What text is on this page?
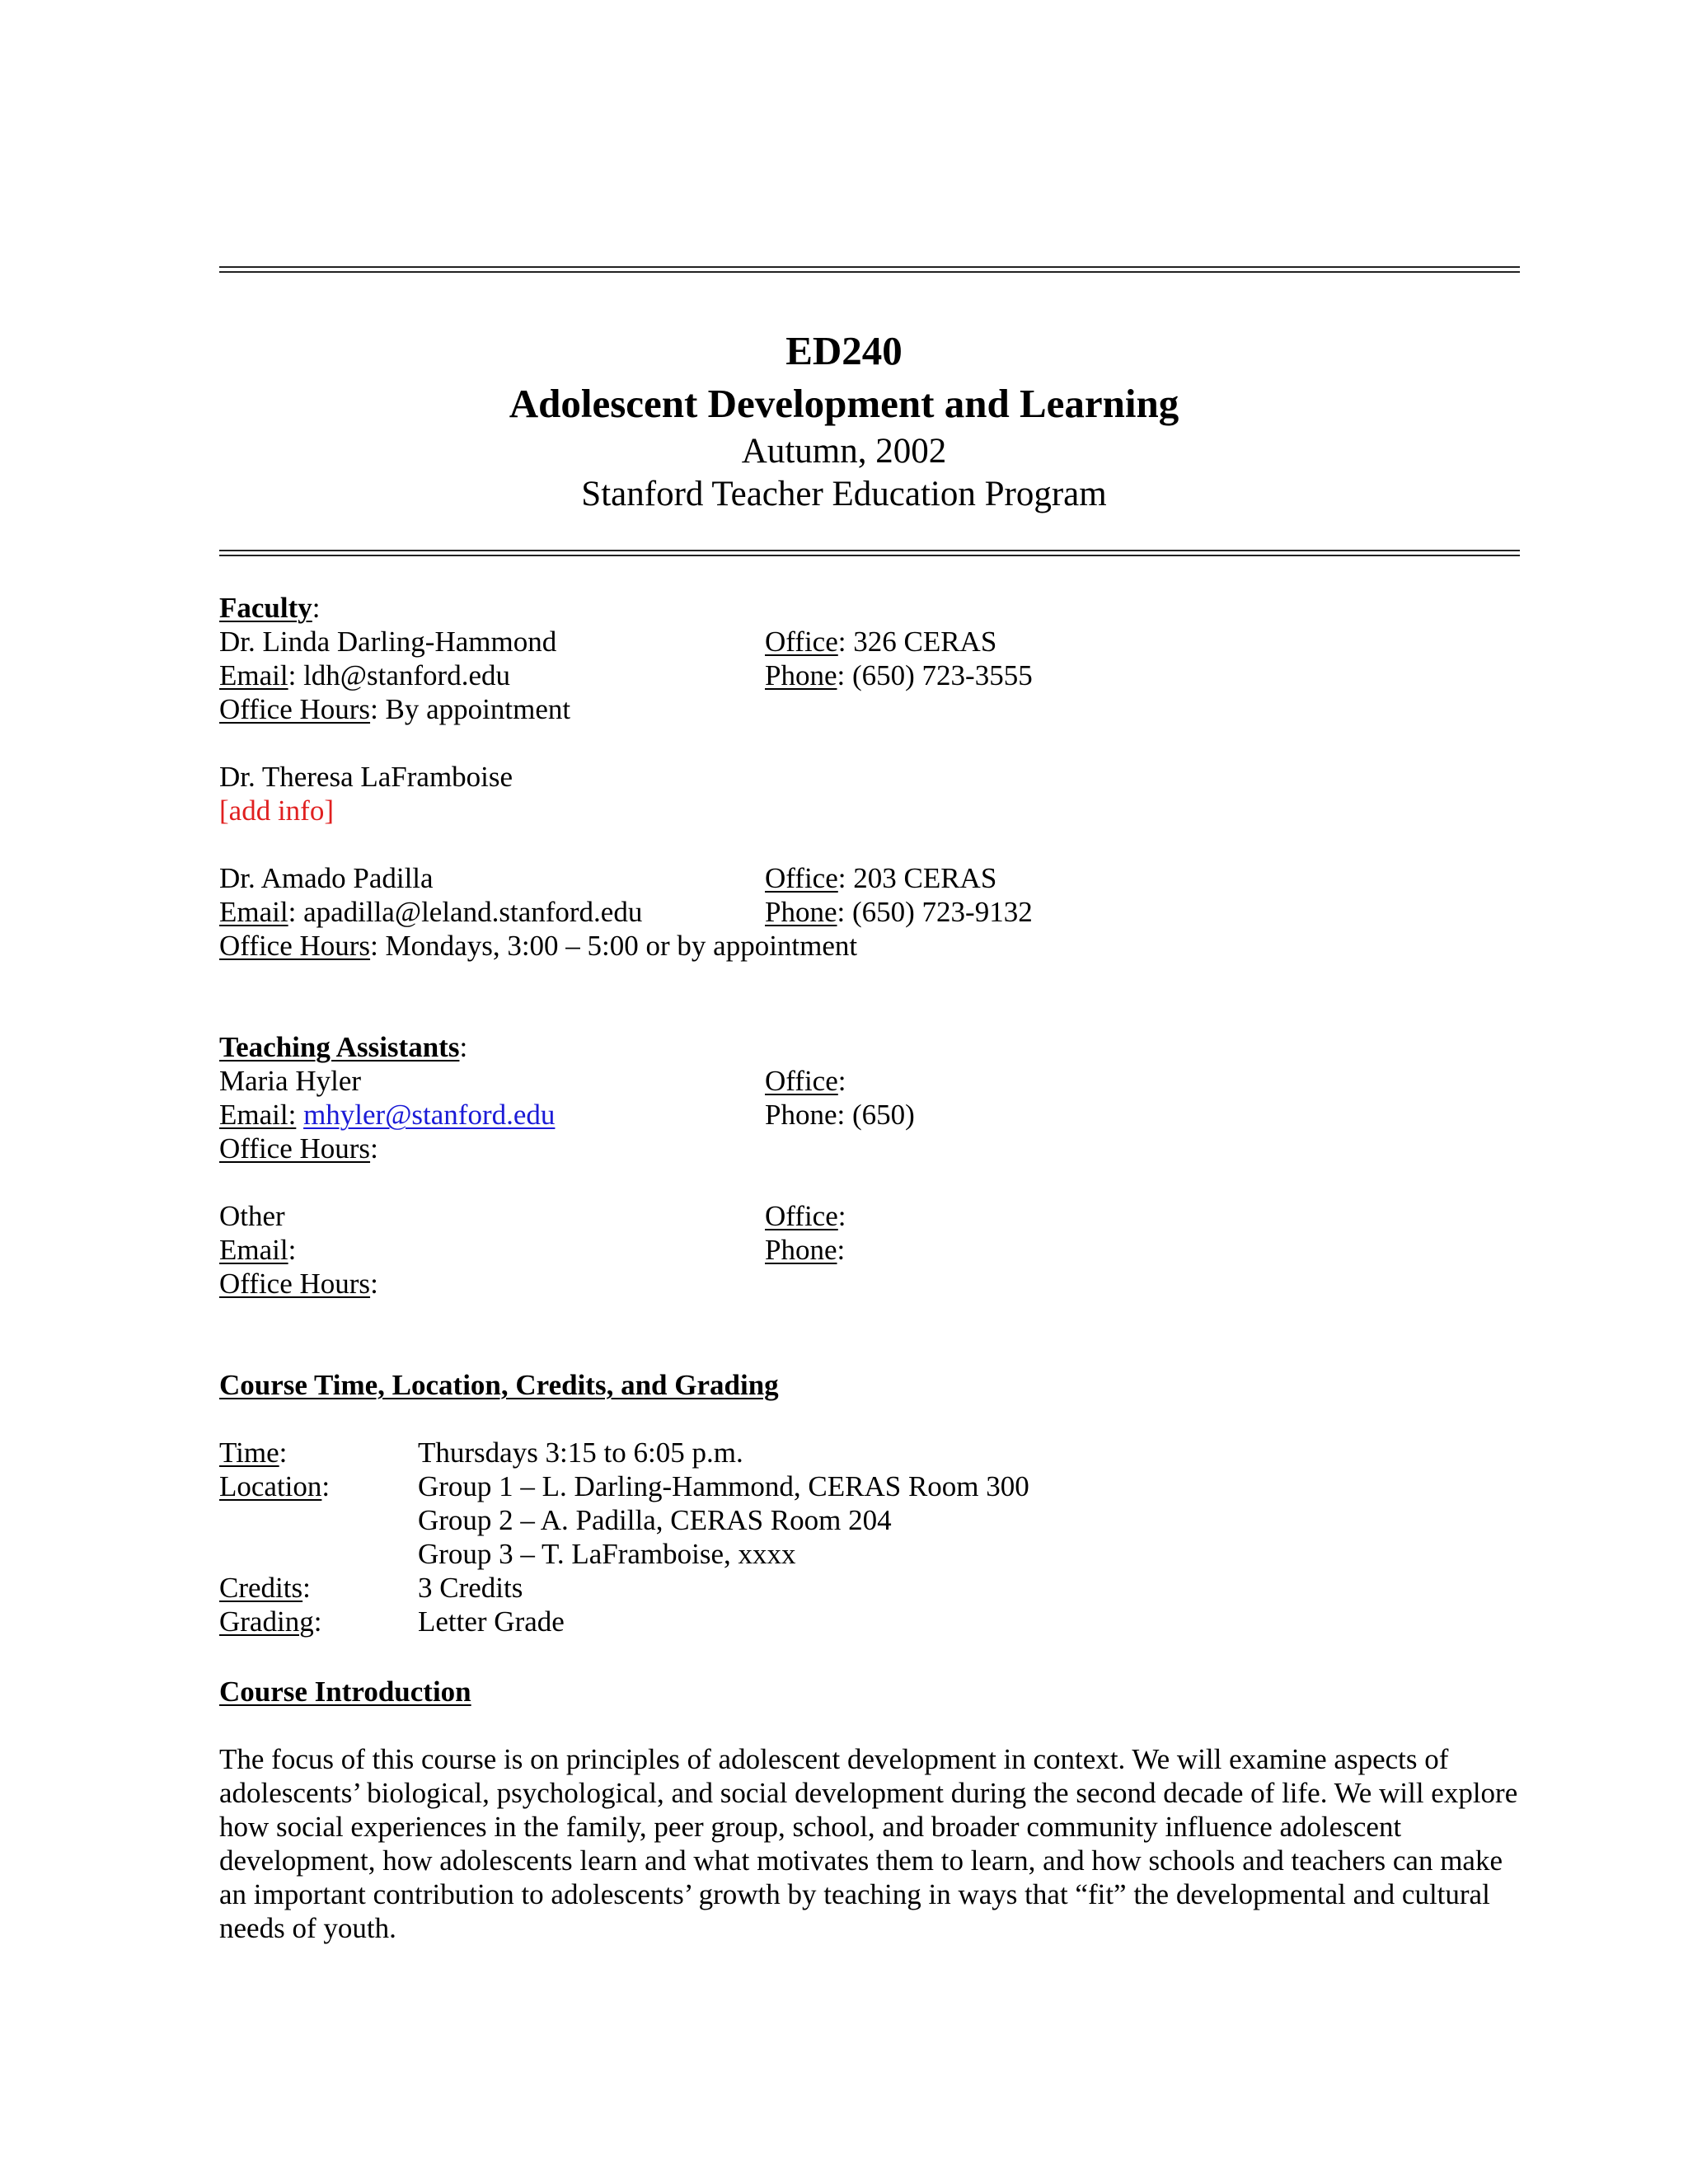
ED240
Adolescent Development and Learning
Autumn, 2002
Stanford Teacher Education Program
Faculty:
Dr. Linda Darling-Hammond	Office: 326 CERAS
Email: ldh@stanford.edu	Phone: (650) 723-3555
Office Hours: By appointment
Dr. Theresa LaFramboise
[add info]
Dr. Amado Padilla	Office: 203 CERAS
Email: apadilla@leland.stanford.edu	Phone: (650) 723-9132
Office Hours: Mondays, 3:00 – 5:00 or by appointment
Teaching Assistants:
Maria Hyler	Office:
Email: mhyler@stanford.edu	Phone: (650)
Office Hours:
Other	Office:
Email:	Phone:
Office Hours:
Course Time, Location, Credits, and Grading
Time:	Thursdays 3:15 to 6:05 p.m.
Location:	Group 1 – L. Darling-Hammond, CERAS Room 300
Group 2 – A. Padilla, CERAS Room 204
Group 3 – T. LaFramboise, xxxx
Credits:	3 Credits
Grading:	Letter Grade
Course Introduction
The focus of this course is on principles of adolescent development in context. We will examine aspects of adolescents’ biological, psychological, and social development during the second decade of life. We will explore how social experiences in the family, peer group, school, and broader community influence adolescent development, how adolescents learn and what motivates them to learn, and how schools and teachers can make an important contribution to adolescents’ growth by teaching in ways that “fit” the developmental and cultural needs of youth.
